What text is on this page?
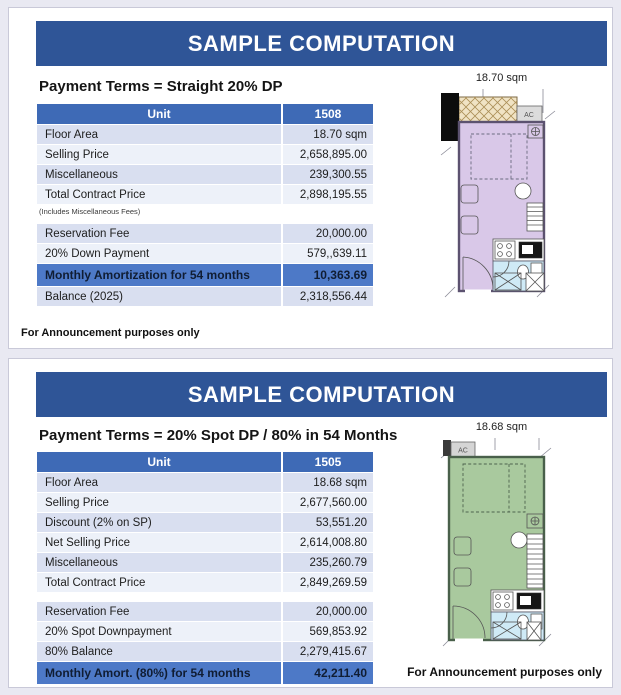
SAMPLE COMPUTATION
Payment Terms = Straight 20% DP
Unit	1508
Floor Area	18.70 sqm
Selling Price	2,658,895.00
Miscellaneous	239,300.55
Total Contract Price	2,898,195.55
(Includes Miscellaneous Fees)
Reservation Fee	20,000.00
20% Down Payment	579,,639.11
Monthly Amortization for 54 months	10,363.69
Balance (2025)	2,318,556.44
18.70 sqm
AC
For Announcement purposes only
SAMPLE COMPUTATION
Payment Terms = 20% Spot DP / 80% in 54 Months
Unit	1505
Floor Area	18.68 sqm
Selling Price	2,677,560.00
Discount (2% on SP)	53,551.20
Net Selling Price	2,614,008.80
Miscellaneous	235,260.79
Total Contract Price	2,849,269.59
Reservation Fee	20,000.00
20% Spot Downpayment	569,853.92
80% Balance	2,279,415.67
Monthly Amort. (80%) for 54 months	42,211.40
18.68 sqm
AC
For Announcement purposes only
